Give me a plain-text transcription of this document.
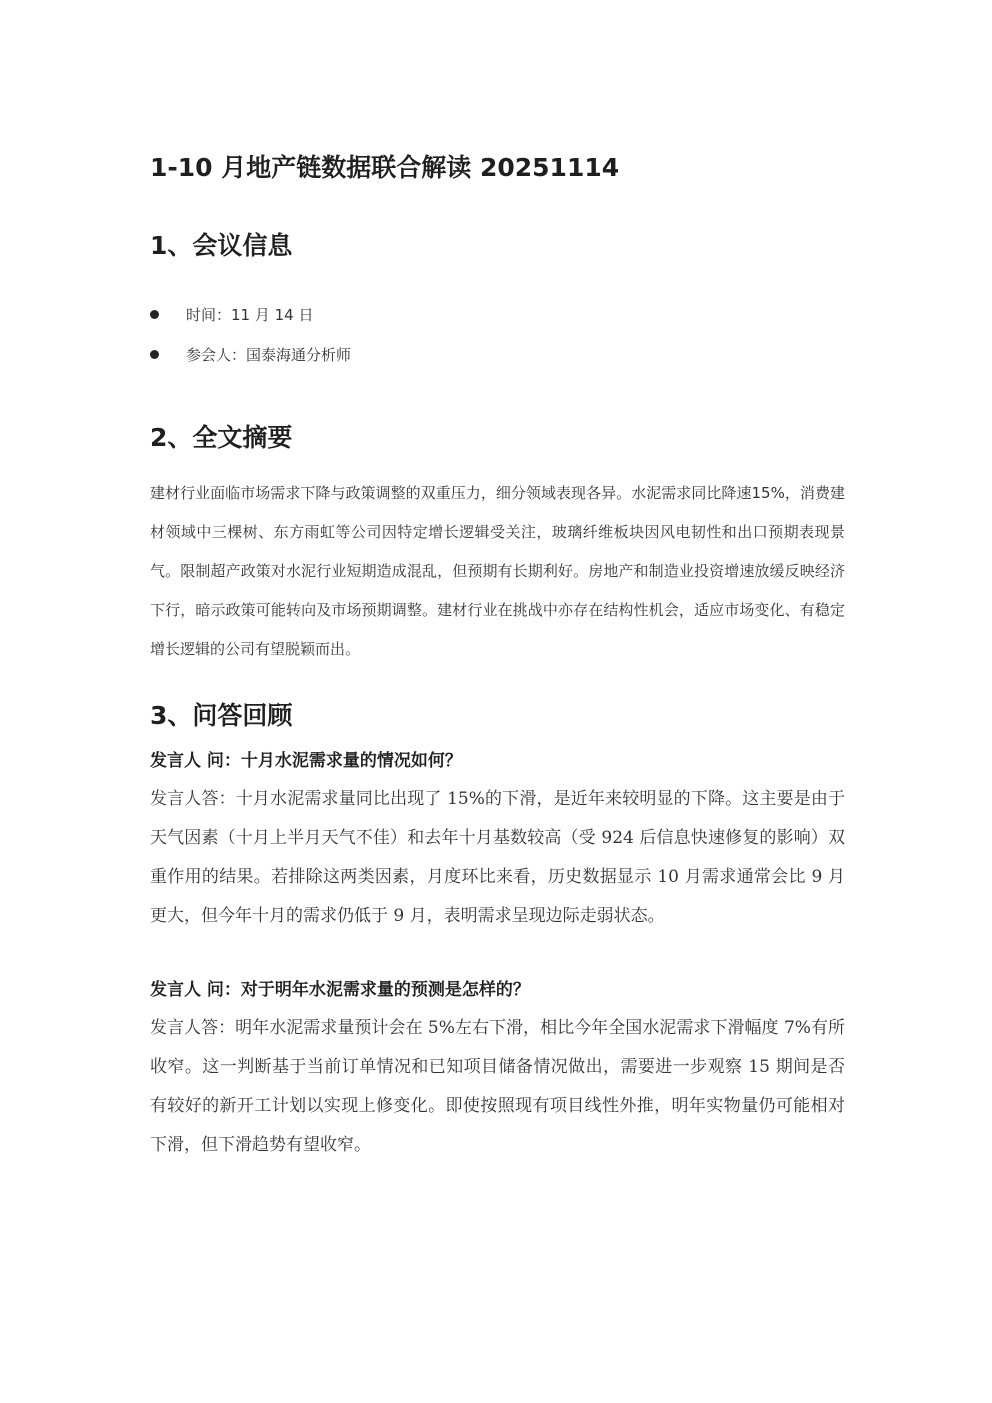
1-10 月地产链数据联合解读 20251114
1、会议信息
时间：11 月 14 日
参会人：国泰海通分析师
2、全文摘要

建材行业面临市场需求下降与政策调整的双重压力，细分领域表现各异。水泥需求同比降速15%，消费建材领域中三棵树、东方雨虹等公司因特定增长逻辑受关注，玻璃纤维板块因风电韧性和出口预期表现景气。限制超产政策对水泥行业短期造成混乱，但预期有长期利好。房地产和制造业投资增速放缓反映经济下行，暗示政策可能转向及市场预期调整。建材行业在挑战中亦存在结构性机会，适应市场变化、有稳定增长逻辑的公司有望脱颖而出。

3、问答回顾

发言人 问：十月水泥需求量的情况如何？

发言人答：十月水泥需求量同比出现了 15%的下滑，是近年来较明显的下降。这主要是由于天气因素（十月上半月天气不佳）和去年十月基数较高（受 924 后信息快速修复的影响）双重作用的结果。若排除这两类因素，月度环比来看，历史数据显示 10 月需求通常会比 9 月更大，但今年十月的需求仍低于 9 月，表明需求呈现边际走弱状态。

发言人 问：对于明年水泥需求量的预测是怎样的？

发言人答：明年水泥需求量预计会在 5%左右下滑，相比今年全国水泥需求下滑幅度 7%有所收窄。这一判断基于当前订单情况和已知项目储备情况做出，需要进一步观察 15 期间是否有较好的新开工计划以实现上修变化。即使按照现有项目线性外推，明年实物量仍可能相对下滑，但下滑趋势有望收窄。
